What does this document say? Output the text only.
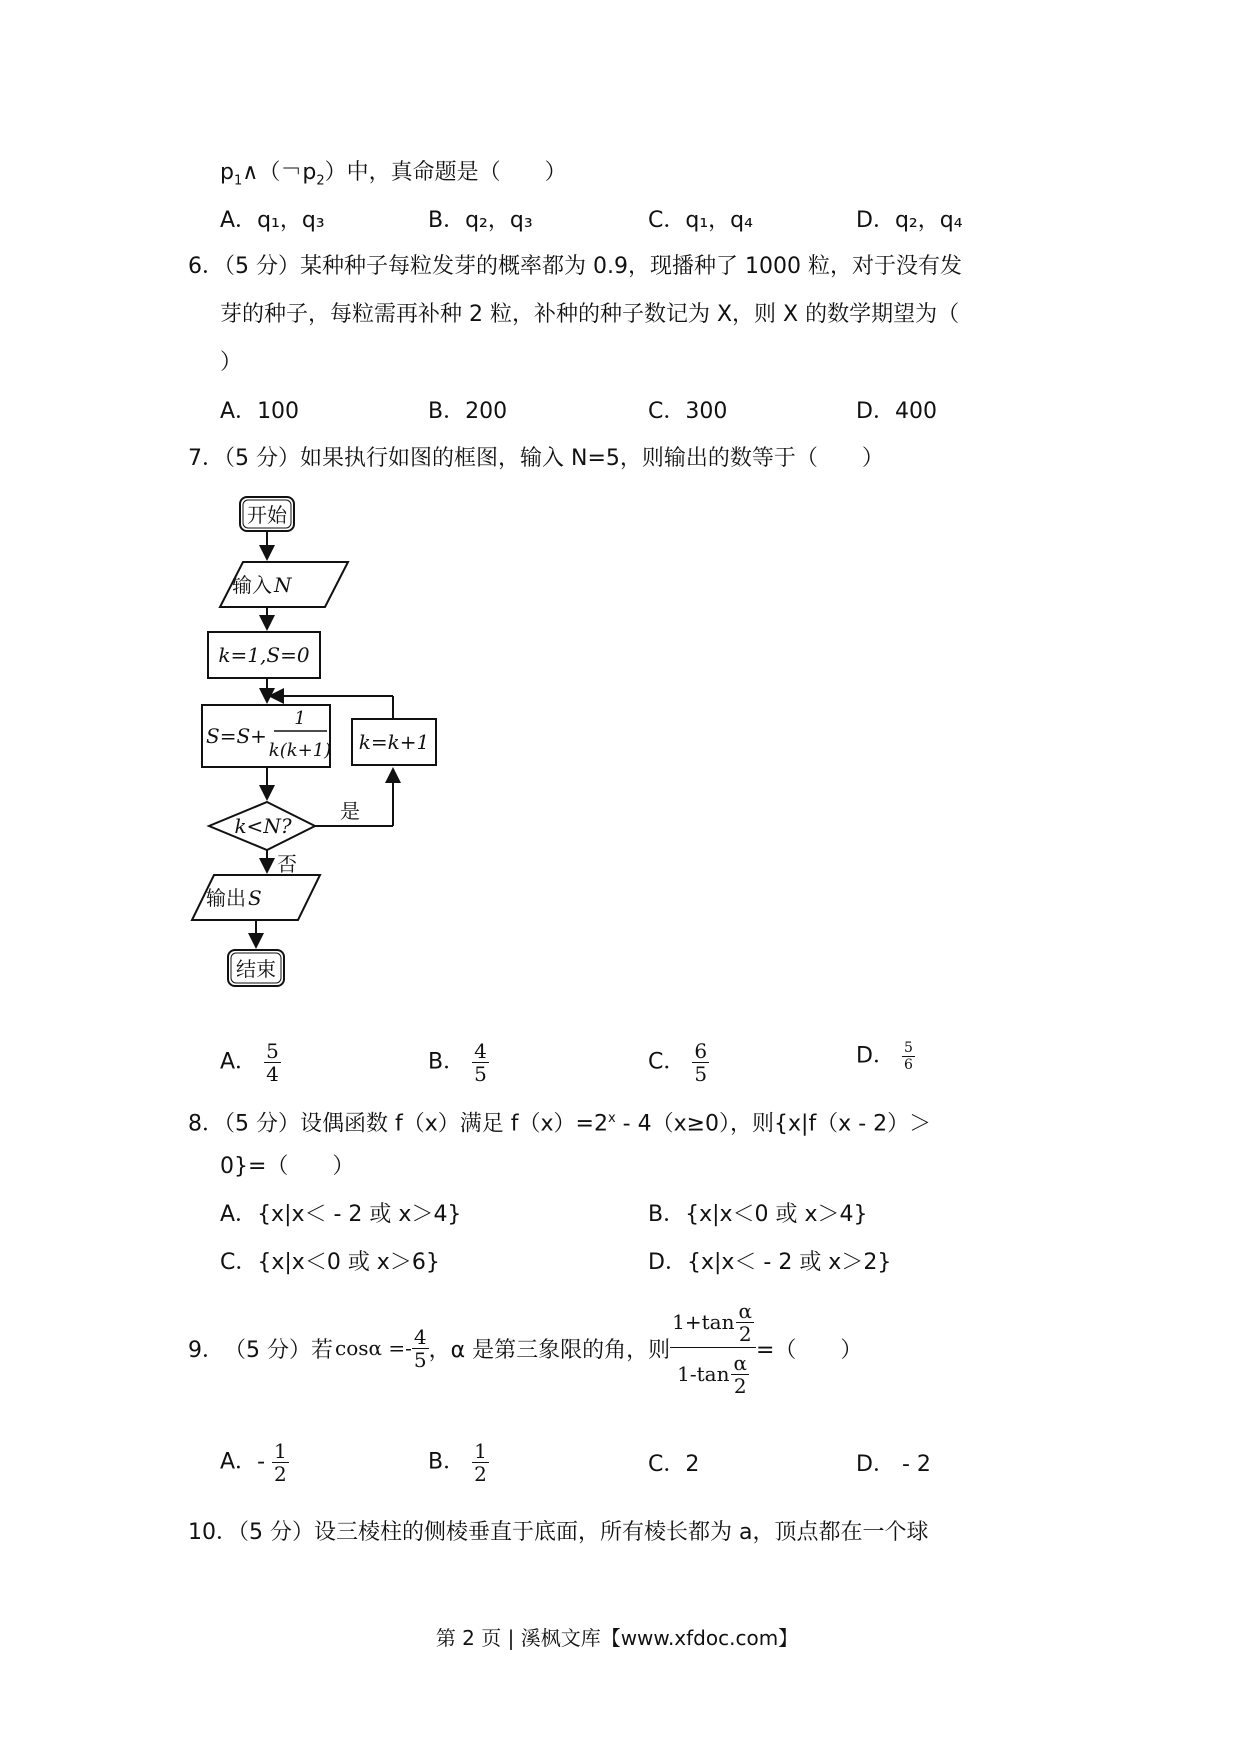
$p_1\wedge$（￢$p_2$）中，真命题是（　　）
A．q₁，q₃	B．q₂，q₃	C．q₁，q₄	D．q₂，q₄
6．（5 分）某种种子每粒发芽的概率都为 0.9，现播种了 1000 粒，对于没有发
芽的种子，每粒需再补种 2 粒，补种的种子数记为 X，则 X 的数学期望为（
）
A．100	B．200	C．300	D．400
7．（5 分）如果执行如图的框图，输入 N=5，则输出的数等于（　　）
开始
输入 N
k=1,S=0
S=S+
1
k(k+1) k=k+1
k<N?
是
否
输出 S
结束
A． $\frac{5}{4}$	B． $\frac{4}{5}$	C． $\frac{6}{5}$	D． $\frac{5}{6}$
8．（5 分）设偶函数 f（x）满足 $f(x)=2^x - 4(x\ge 0)$，则{x|f（x - 2）＞
0}=（　　）
A．{x|x＜ - 2 或 x＞4}	B．{x|x＜0 或 x＞4}
C．{x|x＜0 或 x＞6}	D．{x|x＜ - 2 或 x＞2}
9． （5 分）若 $\cos\alpha =- \frac{4}{5}$ ，α 是第三象限的角，则 $\frac{1+\tan \frac{\alpha}{2}}{1-\tan \frac{\alpha}{2}}$ =（　　）
A．- $\frac{1}{2}$	B． $\frac{1}{2}$	C．2	D． - 2
10．（5 分）设三棱柱的侧棱垂直于底面，所有棱长都为 a，顶点都在一个球
第 2 页 | 溪枫文库【www.xfdoc.com】
